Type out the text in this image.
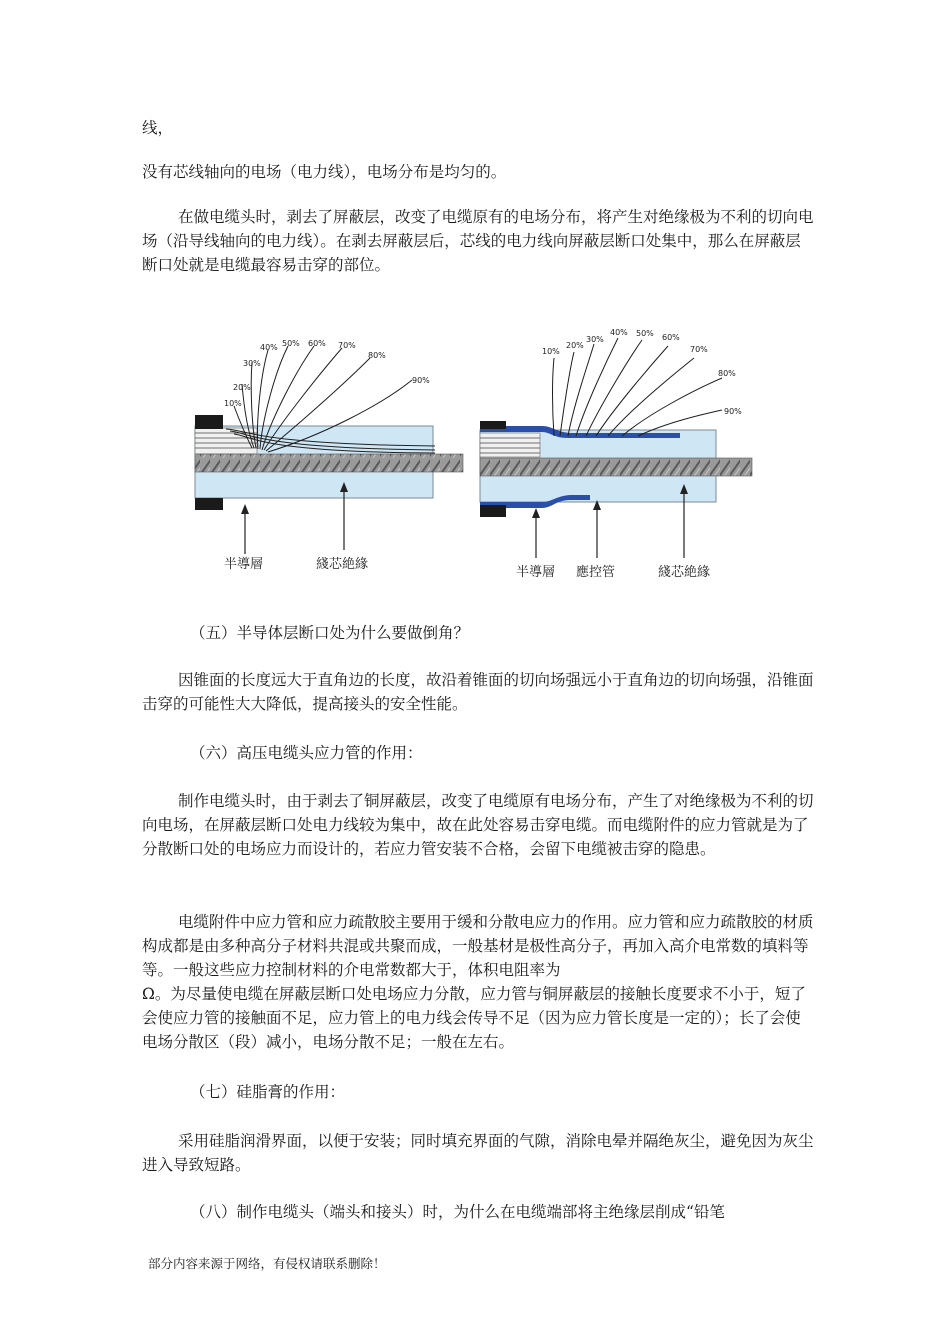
线，

没有芯线轴向的电场（电力线），电场分布是均匀的。

在做电缆头时，剥去了屏蔽层，改变了电缆原有的电场分布，将产生对绝缘极为不利的切向电场（沿导线轴向的电力线）。在剥去屏蔽层后，芯线的电力线向屏蔽层断口处集中，那么在屏蔽层断口处就是电缆最容易击穿的部位。

10%
20%
30%
40% 50% 60% 70%
80%
90%
半導層	綫芯絶緣
10%
20%
30%
40% 50% 60%
70%
80%
90%
半導層 應控管	綫芯絶緣

（五）半导体层断口处为什么要做倒角？

因锥面的长度远大于直角边的长度，故沿着锥面的切向场强远小于直角边的切向场强，沿锥面击穿的可能性大大降低，提高接头的安全性能。

（六）高压电缆头应力管的作用：

制作电缆头时，由于剥去了铜屏蔽层，改变了电缆原有电场分布，产生了对绝缘极为不利的切向电场，在屏蔽层断口处电力线较为集中，故在此处容易击穿电缆。而电缆附件的应力管就是为了分散断口处的电场应力而设计的，若应力管安装不合格，会留下电缆被击穿的隐患。

电缆附件中应力管和应力疏散胶主要用于缓和分散电应力的作用。应力管和应力疏散胶的材质构成都是由多种高分子材料共混或共聚而成，一般基材是极性高分子，再加入高介电常数的填料等等。一般这些应力控制材料的介电常数都大于，体积电阻率为

Ω。为尽量使电缆在屏蔽层断口处电场应力分散，应力管与铜屏蔽层的接触长度要求不小于，短了会使应力管的接触面不足，应力管上的电力线会传导不足（因为应力管长度是一定的）；长了会使电场分散区（段）减小，电场分散不足；一般在左右。

（七）硅脂膏的作用：

采用硅脂润滑界面，以便于安装；同时填充界面的气隙，消除电晕并隔绝灰尘，避免因为灰尘进入导致短路。

（八）制作电缆头（端头和接头）时，为什么在电缆端部将主绝缘层削成“铅笔

部分内容来源于网络，有侵权请联系删除！
